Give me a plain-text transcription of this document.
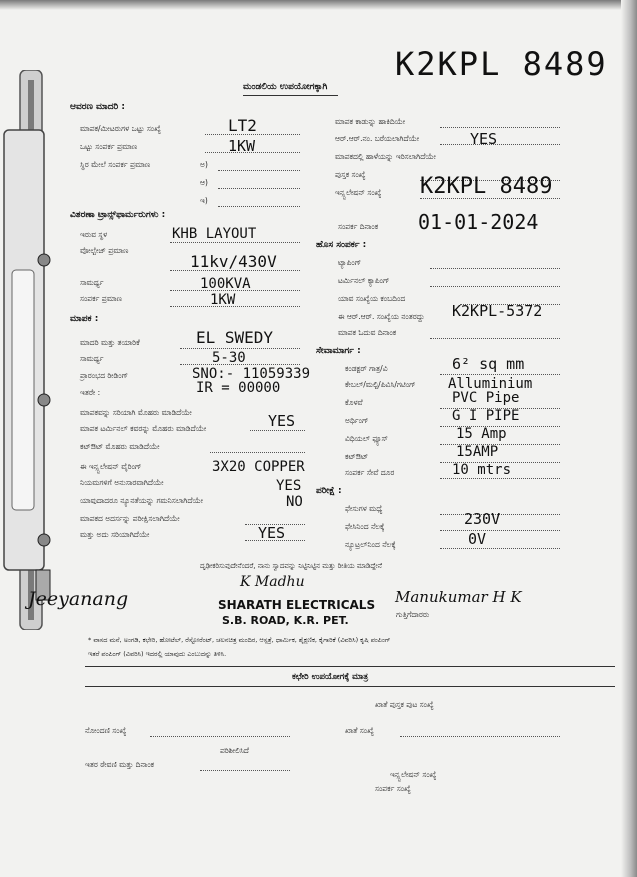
ಮಂಡಲಿಯ ಉಪಯೋಗಕ್ಕಾಗಿ
K2KPL 8489
ಆವರಣ ಮಾದರಿ :
ಮಾಪಕ/ಮೀಟರುಗಳ ಒಟ್ಟು ಸಂಖ್ಯೆ	LT2
ಒಟ್ಟು ಸಂಪರ್ಕ ಪ್ರಮಾಣ	1KW
ಸ್ಥಿರ ಮೇಲೆ ಸಂಪರ್ಕ ಪ್ರಮಾಣ	ಅ)
ಆ)
ಇ)
ಮಾಪಕ ಕಾಡುನ್ನು ಹಾಕಿದಿಯೇ
ಆರ್.ಆರ್.ನಂ. ಬರೆಯಲಾಗಿದೆಯೇ	YES
ಮಾಪಕದಲ್ಲಿ ಹಾಳೆಯನ್ನು ಇರಿಸಲಾಗಿದೆಯೇ
ಪುಸ್ತಕ ಸಂಖ್ಯೆ
ಇನ್ಸ್ಟಲೇಷನ್ ಸಂಖ್ಯೆ K2KPL 8489
ವಿತರಣಾ ಟ್ರಾನ್ಸ್‌ಫಾರ್ಮರುಗಳು :
ಇರುವ ಸ್ಥಳ	KHB LAYOUT
ವೋಲ್ಟೇಜ್ ಪ್ರಮಾಣ
11kv/430V
ಸಾಮರ್ಥ್ಯ	100KVA
ಸಂಪರ್ಕ ಪ್ರಮಾಣ	1KW
ಮಾಪಕ :
ಮಾದರಿ ಮತ್ತು ತಯಾರಿಕೆ	EL SWEDY
ಸಾಮರ್ಥ್ಯ	5-30
ಪ್ರಾರಂಭದ ರೀಡಿಂಗ್	SNO:- 11059339
IR = 00000
ಇತರೇ :
ಮಾಪಕವನ್ನು ಸರಿಯಾಗಿ ಮೊಹರು ಮಾಡಿದೆಯೇ	YES
ಮಾಪಕ ಟರ್ಮಿನಲ್ ಕವರನ್ನು ಮೊಹರು ಮಾಡಿದೆಯೇ
ಕಟ್‌ಔಟ್ ಮೊಹರು ಮಾಡಿದೆಯೇ
ಈ ಇನ್ಸ್ಟಲೇಷನ್ ವೈರಿಂಗ್	3X20 COPPER
ನಿಯಮಗಳಿಗೆ ಅನುಸಾರವಾಗಿದೆಯೇ	YES
ಯಾವುದಾದರೂ ನ್ಯೂನತೆಯನ್ನು ಗಮನಿಸಲಾಗಿದೆಯೇ	NO
ಮಾಪಕದ ಅದರ್ಸನ್ನು ಪರೀಕ್ಷಿಸಲಾಗಿದೆಯೇ
ಮತ್ತು ಅದು ಸರಿಯಾಗಿದೆಯೇ	YES
ಸಂಪರ್ಕ ದಿನಾಂಕ 01-01-2024
ಹೊಸ ಸಂಪರ್ಕ :
ಟ್ಯಾಪಿಂಗ್
ಟರ್ಮಿನಲ್ ಕ್ಯಾಪಿಂಗ್
ಯಾವ ಸಂಖ್ಯೆಯ ಕಂಬದಿಂದ
ಈ ಆರ್.ಆರ್. ಸಂಖ್ಯೆಯ ನಂತರದ್ದು K2KPL-5372
ಮಾಪಕ ಓದುವ ದಿನಾಂಕ
ಸೇವಾಮಾರ್ಗ :
ಕಂಡಕ್ಟರ್ ಗಾತ್ರ/ವಿ	6² sq mm
ಕೇಬಲ್/ಮಲ್ಟಿ/ಪಿವಿಸಿ/ಗಟಿಂಗ್ Alluminium
ಕೊಳವೆ	PVC Pipe
ಅರ್ಥಿಂಗ್	G I PIPE
ವಿಧಿಯಲ್ ಫ್ಯೂಸ್	15 Amp
ಕಟ್‌ಔಟ್	15AMP
ಸಂಪರ್ಕ ಸೇವೆ ದೂರ	10 mtrs
ಪರೀಕ್ಷೆ :
ಫೇಸುಗಳ ಮಧ್ಯೆ
ಫೇಸಿನಿಂದ ನೆಲಕ್ಕೆ	230V
ನ್ಯೂಟ್ರಲ್‌ನಿಂದ ನೆಲಕ್ಕೆ	0V
ದೃಢೀಕರಿಸುವುದೇನೆಂದರೆ, ನಾನು ಸ್ವಾದವನ್ನು ನಿಟ್ಟಿನಿಟ್ಟಿನ ಮತ್ತು ರೀತಿಯ ಮಾಡಿದ್ದೇನೆ
Jeeyanang
K Madhu
Manukumar H K
SHARATH ELECTRICALS
S.B. ROAD, K.R. PET.	ಗುತ್ತಿಗೆದಾರರು
* ವಾಸದ ಮನೆ, ಅಂಗಡಿ, ಕಛೇರಿ, ಹೋಟೆಲ್, ರೆಸ್ಟೋರೆಂಟ್, ಚಲನಚಿತ್ರ ಮಂದಿರ, ಆಸ್ಪತ್ರೆ, ಧಾರ್ಮಿಕ, ಶೈಕ್ಷಣಿಕ, ಕೈಗಾರಿಕೆ (ವಿವರಿಸಿ) ಕೃಷಿ ಪಂಪಿಂಗ್
ಇತರೆ ಪಂಪಿಂಗ್ (ವಿವರಿಸಿ) ಇದರಲ್ಲಿ ಯಾವುದು ಎಂಬುದನ್ನು ತಿಳಿಸಿ.
ಕಛೇರಿ ಉಪಯೋಗಕ್ಕೆ ಮಾತ್ರ
ಖಾತೆ ಪುಸ್ತಕ ಪುಟ ಸಂಖ್ಯೆ
ನೋಂದಣಿ ಸಂಖ್ಯೆ	ಖಾತೆ ಸಂಖ್ಯೆ
ಪರಿಶೀಲಿಸಿದೆ
ಇತರ ಠೇವಣಿ ಮತ್ತು ದಿನಾಂಕ
ಇನ್ಸ್ಟಲೇಷನ್ ಸಂಖ್ಯೆ
ಸಂಪರ್ಕ ಸಂಖ್ಯೆ
